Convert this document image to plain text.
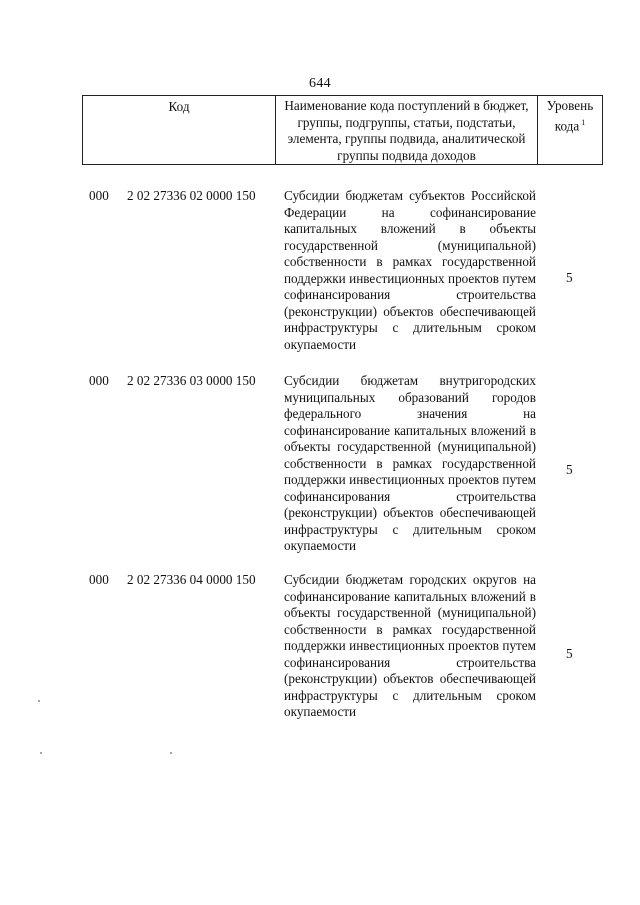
644
Код	Наименование кода поступлений в бюджет, группы, подгруппы, статьи, подстатьи, элемента, группы подвида, аналитической группы подвида доходов
Уровень кода $^1$
000 2 02 27336 02 0000 150 Субсидии бюджетам субъектов Российской Федерации на софинансирование капитальных вложений в объекты государственной (муниципальной) собственности в рамках государственной поддержки инвестиционных проектов путем софинансирования строительства (реконструкции) объектов обеспечивающей инфраструктуры с длительным сроком окупаемости
5
000 2 02 27336 03 0000 150 Субсидии бюджетам внутригородских муниципальных образований городов федерального значения на софинансирование капитальных вложений в объекты государственной (муниципальной) собственности в рамках государственной поддержки инвестиционных проектов путем софинансирования строительства (реконструкции) объектов обеспечивающей инфраструктуры с длительным сроком окупаемости
5
000 2 02 27336 04 0000 150 Субсидии бюджетам городских округов на софинансирование капитальных вложений в объекты государственной (муниципальной) собственности в рамках государственной поддержки инвестиционных проектов путем софинансирования строительства (реконструкции) объектов обеспечивающей инфраструктуры с длительным сроком окупаемости
5
